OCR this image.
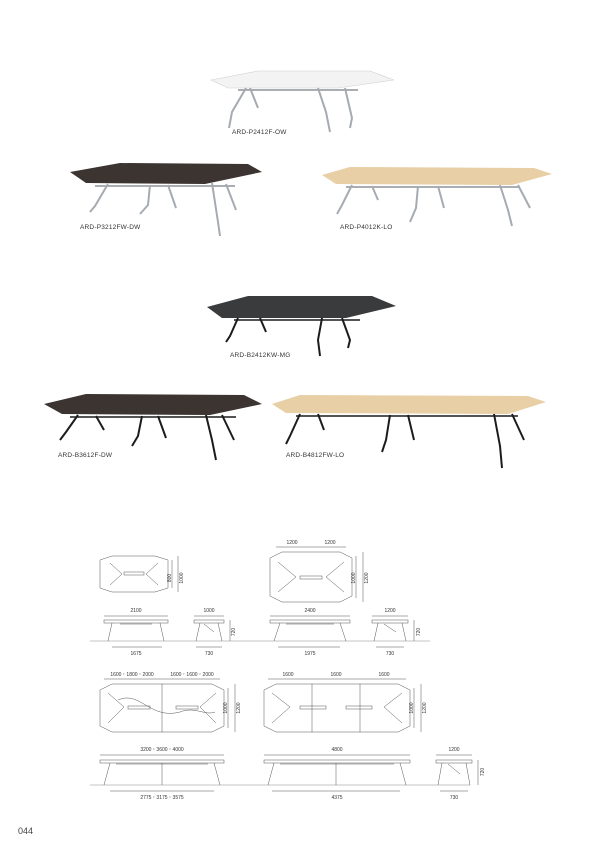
ARD-P2412F-OW
ARD-P3212FW-DW	ARD-P4012K-LO
ARD-B2412KW-MG
ARD-B3612F-DW	ARD-B4812FW-LO
800 1000
1200	1200
1000 1200
2100
1675
1000
730
720
2400
1975
1200
730
720
1600・1800・2000	1600・1600・2000
1000 1200
1600	1600	1600
1000 1200
3200・3600・4000
2775・3175・3575
4800
4375
1200
730
720
044
